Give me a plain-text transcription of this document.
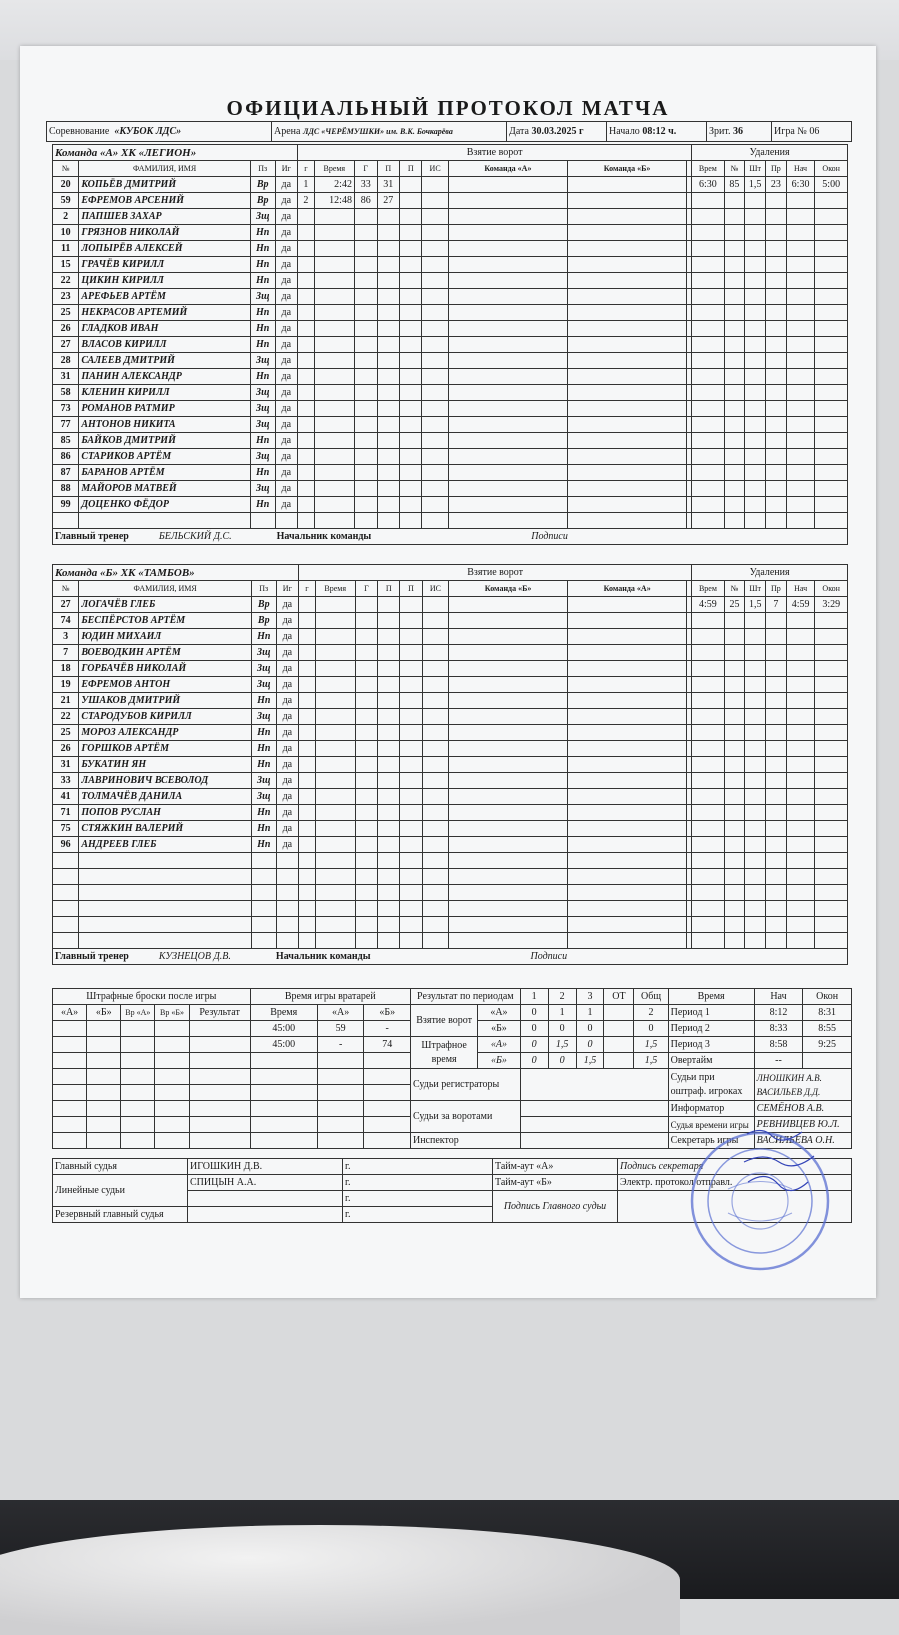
ОФИЦИАЛЬНЫЙ ПРОТОКОЛ МАТЧА
Соревнование «КУБОК ЛДС»	Арена ЛДС «ЧЕРЁМУШКИ» им. В.К. Бочкарёва	Дата 30.03.2025 г	Начало 08:12 ч.	Зрит. 36	Игра № 06
Команда «А» ХК «ЛЕГИОН»				Взятие ворот									Удаления					
№	ФАМИЛИЯ, ИМЯ	Пз	Иг	г	Время	Г	П	П	ИС	Команда «А»	Команда «Б»		Врем	№	Шт	Пр	Нач	Окон
20	КОПЬЁВ ДМИТРИЙ	Вр	да	1	2:42	33	31						6:30	85	1,5	23	6:30	5:00
59	ЕФРЕМОВ АРСЕНИЙ	Вр	да	2	12:48	86	27											
2	ПАПШЕВ ЗАХАР	Зщ	да															
10	ГРЯЗНОВ НИКОЛАЙ	Нп	да															
11	ЛОПЫРЁВ АЛЕКСЕЙ	Нп	да															
15	ГРАЧЁВ КИРИЛЛ	Нп	да															
22	ЦИКИН КИРИЛЛ	Нп	да															
23	АРЕФЬЕВ АРТЁМ	Зщ	да															
25	НЕКРАСОВ АРТЕМИЙ	Нп	да															
26	ГЛАДКОВ ИВАН	Нп	да															
27	ВЛАСОВ КИРИЛЛ	Нп	да															
28	САЛЕЕВ ДМИТРИЙ	Зщ	да															
31	ПАНИН АЛЕКСАНДР	Нп	да															
58	КЛЕНИН КИРИЛЛ	Зщ	да															
73	РОМАНОВ РАТМИР	Зщ	да															
77	АНТОНОВ НИКИТА	Зщ	да															
85	БАЙКОВ ДМИТРИЙ	Нп	да															
86	СТАРИКОВ АРТЁМ	Зщ	да															
87	БАРАНОВ АРТЁМ	Нп	да															
88	МАЙОРОВ МАТВЕЙ	Зщ	да															
99	ДОЦЕНКО ФЁДОР	Нп	да															

Главный тренер БЕЛЬСКИЙ Д.С. Начальник команды Подписи																		
Команда «Б» ХК «ТАМБОВ»				Взятие ворот									Удаления					
№	ФАМИЛИЯ, ИМЯ	Пз	Иг	г	Время	Г	П	П	ИС	Команда «Б»	Команда «А»		Врем	№	Шт	Пр	Нач	Окон
27	ЛОГАЧЁВ ГЛЕБ	Вр	да										4:59	25	1,5	7	4:59	3:29
74	БЕСПЁРСТОВ АРТЁМ	Вр	да															
3	ЮДИН МИХАИЛ	Нп	да															
7	ВОЕВОДКИН АРТЁМ	Зщ	да															
18	ГОРБАЧЁВ НИКОЛАЙ	Зщ	да															
19	ЕФРЕМОВ АНТОН	Зщ	да															
21	УШАКОВ ДМИТРИЙ	Нп	да															
22	СТАРОДУБОВ КИРИЛЛ	Зщ	да															
25	МОРОЗ АЛЕКСАНДР	Нп	да															
26	ГОРШКОВ АРТЁМ	Нп	да															
31	БУКАТИН ЯН	Нп	да															
33	ЛАВРИНОВИЧ ВСЕВОЛОД	Зщ	да															
41	ТОЛМАЧЁВ ДАНИЛА	Зщ	да															
71	ПОПОВ РУСЛАН	Нп	да															
75	СТЯЖКИН ВАЛЕРИЙ	Нп	да															
96	АНДРЕЕВ ГЛЕБ	Нп	да															

Главный тренер КУЗНЕЦОВ Д.В. Начальник команды Подписи																		
Штрафные броски после игры					Время игры вратарей			Результат по периодам		1	2	3	ОТ	Общ	Время	Нач	Окон
«А»	«Б»	Вр «А»	Вр «Б»	Результат	Время	«А»	«Б»	Взятие ворот	«А»	0	1	1		2	Период 1	8:12	8:31
					45:00	59	-		«Б»	0	0	0		0	Период 2	8:33	8:55
					45:00	-	74	Штрафное время	«А»	0	1,5	0		1,5	Период 3	8:58	9:25
									«Б»	0	0	1,5		1,5	Овертайм	--	
								Судьи регистраторы							Судьи при оштраф. игроках	ЛНОШКИН А.В. ВАСИЛЬЕВ Д.Д.	

								Судьи за воротами							Информатор	СЕМЁНОВ А.В.	
															Судья времени игры	РЕВНИВЦЕВ Ю.Л.	
								Инспектор							Секретарь игры	ВАСИЛЬЕВА О.Н.	
Главный судья	ИГОШКИН Д.В.	г.	Тайм-аут «А»	Подпись секретаря
Линейные судьи	СПИЦЫН А.А.	г.	Тайм-аут «Б»	Электр. протокол отправл.
		г.	Подпись Главного судьи	
Резервный главный судья		г.		
